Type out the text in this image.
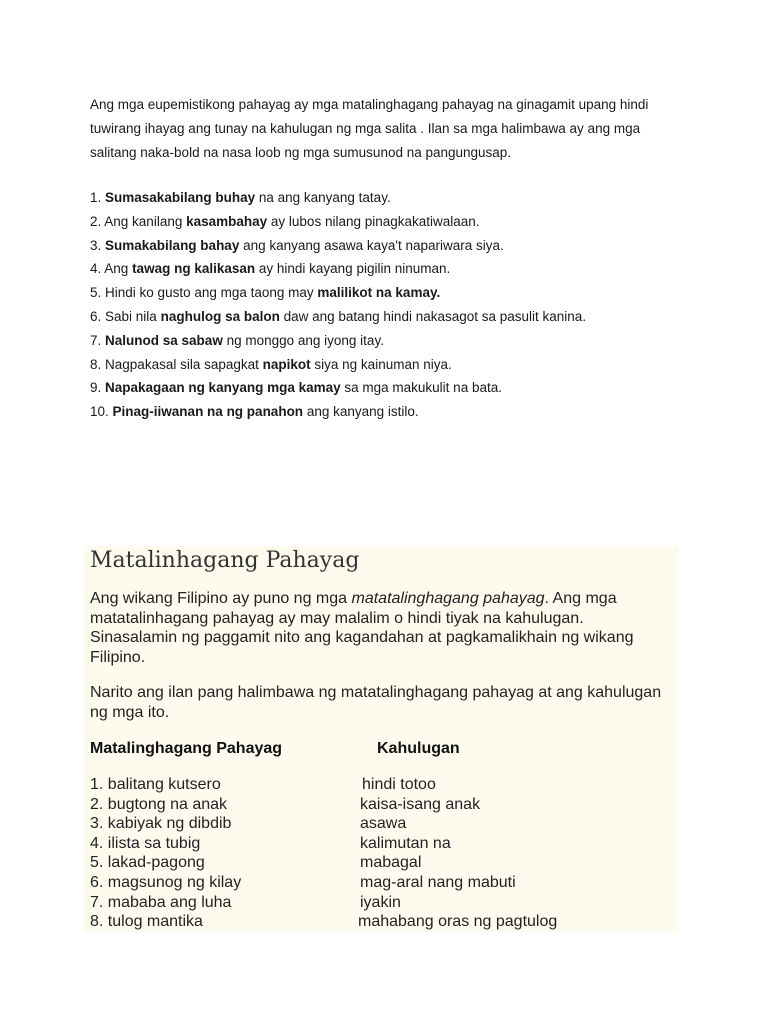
Ang mga eupemistikong pahayag ay mga matalinghagang pahayag na ginagamit upang hindi tuwirang ihayag ang tunay na kahulugan ng mga salita . Ilan sa mga halimbawa ay ang mga salitang naka-bold na nasa loob ng mga sumusunod na pangungusap.

1. Sumasakabilang buhay na ang kanyang tatay.
2. Ang kanilang kasambahay ay lubos nilang pinagkakatiwalaan.
3. Sumakabilang bahay ang kanyang asawa kaya't napariwara siya.
4. Ang tawag ng kalikasan ay hindi kayang pigilin ninuman.
5. Hindi ko gusto ang mga taong may malilikot na kamay.
6. Sabi nila naghulog sa balon daw ang batang hindi nakasagot sa pasulit kanina.
7. Nalunod sa sabaw ng monggo ang iyong itay.
8. Nagpakasal sila sapagkat napikot siya ng kainuman niya.
9. Napakagaan ng kanyang mga kamay sa mga makukulit na bata.
10. Pinag-iiwanan na ng panahon ang kanyang istilo.
Matalinhagang Pahayag

Ang wikang Filipino ay puno ng mga matatalinghagang pahayag. Ang mga matatalinhagang pahayag ay may malalim o hindi tiyak na kahulugan. Sinasalamin ng paggamit nito ang kagandahan at pagkamalikhain ng wikang Filipino.

Narito ang ilan pang halimbawa ng matatalinghagang pahayag at ang kahulugan ng mga ito.

Matalinghagang Pahayag	Kahulugan
1. balitang kutsero	hindi totoo
2. bugtong na anak	kaisa-isang anak
3. kabiyak ng dibdib	asawa
4. ilista sa tubig	kalimutan na
5. lakad-pagong	mabagal
6. magsunog ng kilay	mag-aral nang mabuti
7. mababa ang luha	iyakin
8. tulog mantika	mahabang oras ng pagtulog
